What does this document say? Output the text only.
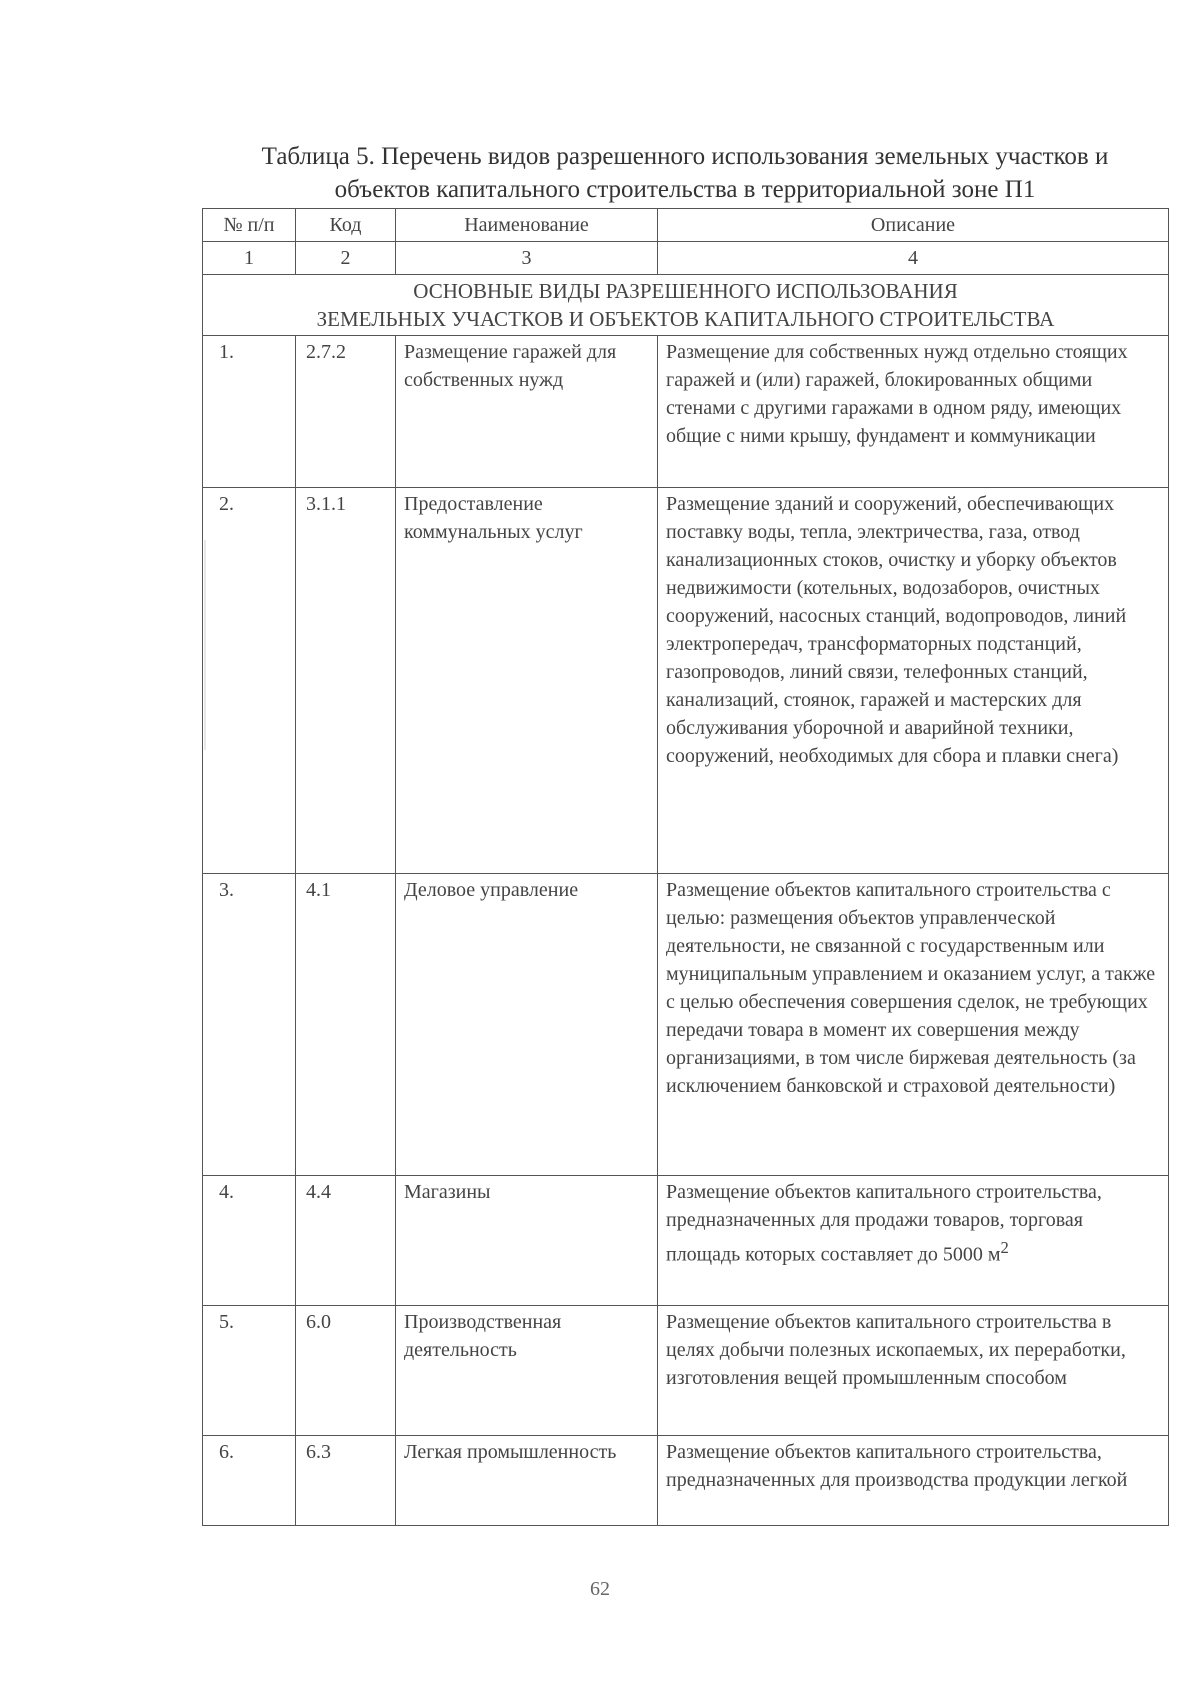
Таблица 5. Перечень видов разрешенного использования земельных участков и
объектов капитального строительства в территориальной зоне П1
№ п/п	Код	Наименование	Описание
1	2	3	4

ОСНОВНЫЕ ВИДЫ РАЗРЕШЕННОГО ИСПОЛЬЗОВАНИЯ
ЗЕМЕЛЬНЫХ УЧАСТКОВ И ОБЪЕКТОВ КАПИТАЛЬНОГО СТРОИТЕЛЬСТВА			

1.	2.7.2	Размещение гаражей для собственных нужд	Размещение для собственных нужд отдельно стоящих гаражей и (или) гаражей, блокированных общими стенами с другими гаражами в одном ряду, имеющих общие с ними крышу, фундамент и коммуникации
2.	3.1.1	Предоставление коммунальных услуг	Размещение зданий и сооружений, обеспечивающих поставку воды, тепла, электричества, газа, отвод канализационных стоков, очистку и уборку объектов недвижимости (котельных, водозаборов, очистных сооружений, насосных станций, водопроводов, линий электропередач, трансформаторных подстанций, газопроводов, линий связи, телефонных станций, канализаций, стоянок, гаражей и мастерских для обслуживания уборочной и аварийной техники, сооружений, необходимых для сбора и плавки снега)
3.	4.1	Деловое управление	Размещение объектов капитального строительства с целью: размещения объектов управленческой деятельности, не связанной с государственным или муниципальным управлением и оказанием услуг, а также с целью обеспечения совершения сделок, не требующих передачи товара в момент их совершения между организациями, в том числе биржевая деятельность (за исключением банковской и страховой деятельности)
4.	4.4	Магазины	Размещение объектов капитального строительства, предназначенных для продажи товаров, торговая площадь которых составляет до 5000 $м^2$
5.	6.0	Производственная деятельность	Размещение объектов капитального строительства в целях добычи полезных ископаемых, их переработки, изготовления вещей промышленным способом
6.	6.3	Легкая промышленность	Размещение объектов капитального строительства, предназначенных для производства продукции легкой
62
